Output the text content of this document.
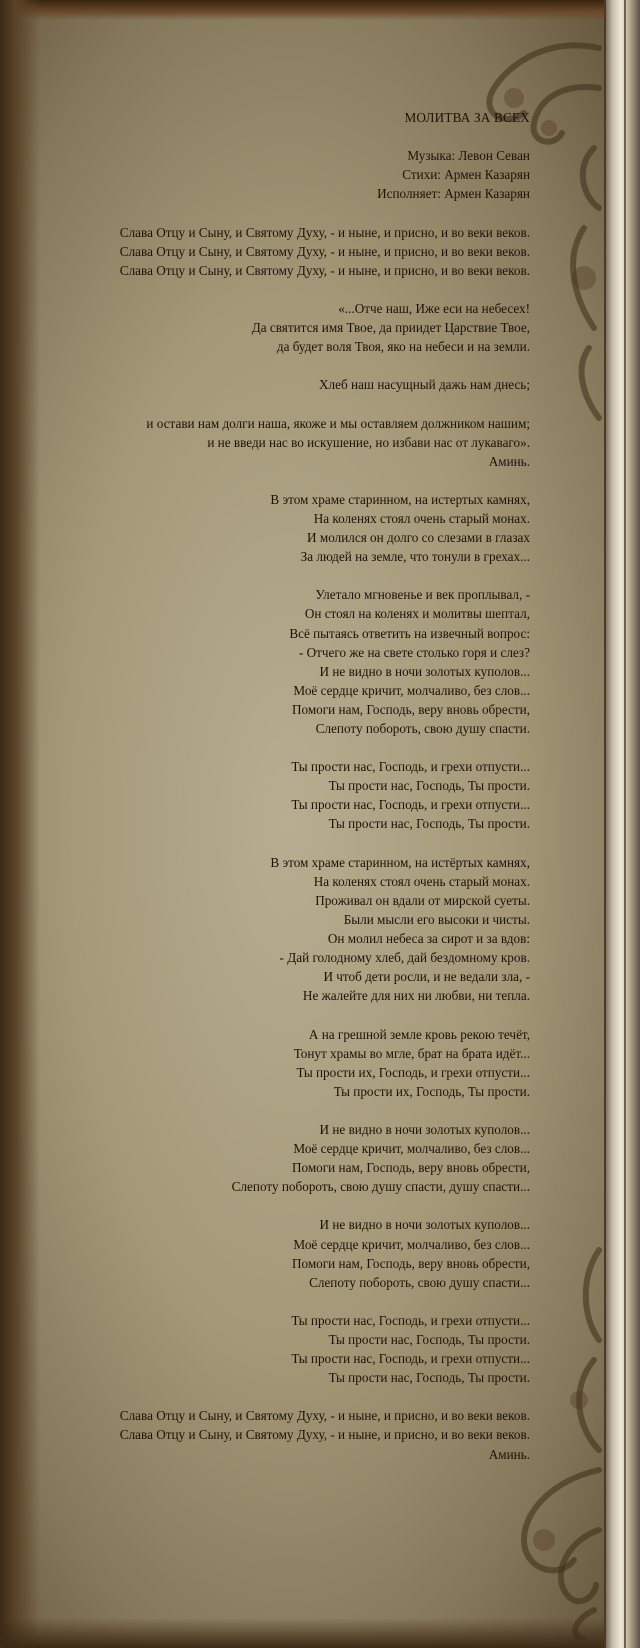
МОЛИТВА ЗА ВСЕХ
Музыка: Левон Севан
Стихи: Армен Казарян
Исполняет: Армен Казарян
Слава Отцу и Сыну, и Святому Духу, - и ныне, и присно, и во веки веков.
Слава Отцу и Сыну, и Святому Духу, - и ныне, и присно, и во веки веков.
Слава Отцу и Сыну, и Святому Духу, - и ныне, и присно, и во веки веков.
«...Отче наш, Иже еси на небесех!
Да святится имя Твое, да приидет Царствие Твое,
да будет воля Твоя, яко на небеси и на земли.
Хлеб наш насущный дажь нам днесь;
и остави нам долги наша, якоже и мы оставляем должником нашим;
и не введи нас во искушение, но избави нас от лукаваго».
Аминь.
В этом храме старинном, на истертых камнях,
На коленях стоял очень старый монах.
И молился он долго со слезами в глазах
За людей на земле, что тонули в грехах...
Улетало мгновенье и век проплывал, -
Он стоял на коленях и молитвы шептал,
Всё пытаясь ответить на извечный вопрос:
- Отчего же на свете столько горя и слез?
И не видно в ночи золотых куполов...
Моё сердце кричит, молчаливо, без слов...
Помоги нам, Господь, веру вновь обрести,
Слепоту побороть, свою душу спасти.
Ты прости нас, Господь, и грехи отпусти...
Ты прости нас, Господь, Ты прости.
Ты прости нас, Господь, и грехи отпусти...
Ты прости нас, Господь, Ты прости.
В этом храме старинном, на истёртых камнях,
На коленях стоял очень старый монах.
Проживал он вдали от мирской суеты.
Были мысли его высоки и чисты.
Он молил небеса за сирот и за вдов:
- Дай голодному хлеб, дай бездомному кров.
И чтоб дети росли, и не ведали зла, -
Не жалейте для них ни любви, ни тепла.
А на грешной земле кровь рекою течёт,
Тонут храмы во мгле, брат на брата идёт...
Ты прости их, Господь, и грехи отпусти...
Ты прости их, Господь, Ты прости.
И не видно в ночи золотых куполов...
Моё сердце кричит, молчаливо, без слов...
Помоги нам, Господь, веру вновь обрести,
Слепоту побороть, свою душу спасти, душу спасти...
И не видно в ночи золотых куполов...
Моё сердце кричит, молчаливо, без слов...
Помоги нам, Господь, веру вновь обрести,
Слепоту побороть, свою душу спасти...
Ты прости нас, Господь, и грехи отпусти...
Ты прости нас, Господь, Ты прости.
Ты прости нас, Господь, и грехи отпусти...
Ты прости нас, Господь, Ты прости.
Слава Отцу и Сыну, и Святому Духу, - и ныне, и присно, и во веки веков.
Слава Отцу и Сыну, и Святому Духу, - и ныне, и присно, и во веки веков.
Аминь.
